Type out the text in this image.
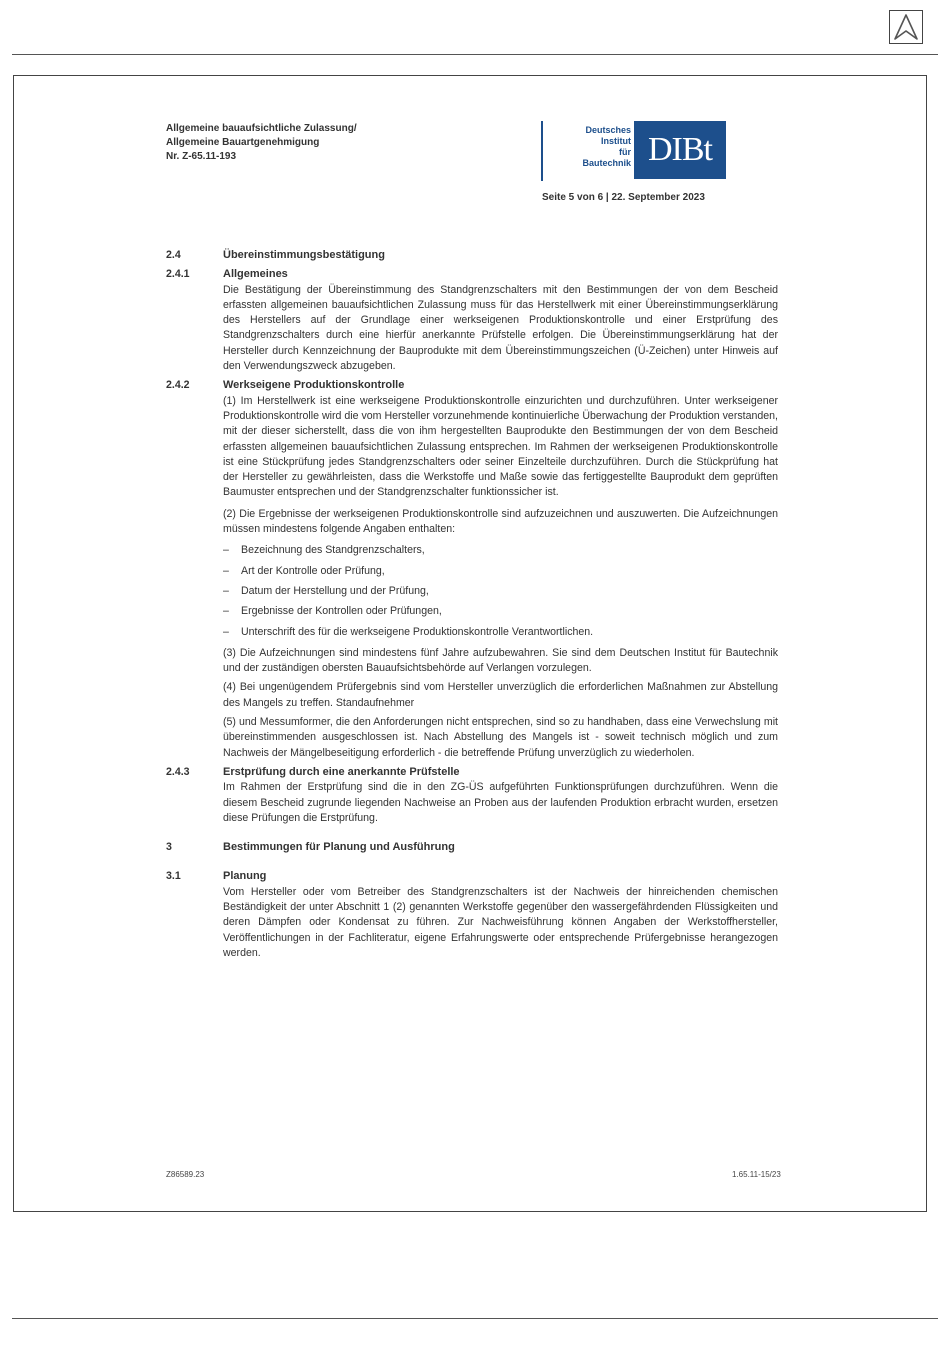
Allgemeine bauaufsichtliche Zulassung/
Allgemeine Bauartgenehmigung
Nr. Z-65.11-193
Deutsches
Institut
für
Bautechnik DIBt
Seite 5 von 6 | 22. September 2023
2.4	Übereinstimmungsbestätigung
2.4.1	Allgemeines
Die Bestätigung der Übereinstimmung des Standgrenzschalters mit den Bestimmungen der von dem Bescheid erfassten allgemeinen bauaufsichtlichen Zulassung muss für das Herstellwerk mit einer Übereinstimmungserklärung des Herstellers auf der Grundlage einer werkseigenen Produktionskontrolle und einer Erstprüfung des Standgrenzschalters durch eine hierfür anerkannte Prüfstelle erfolgen. Die Übereinstimmungserklärung hat der Hersteller durch Kennzeichnung der Bauprodukte mit dem Übereinstimmungszeichen (Ü-Zeichen) unter Hinweis auf den Verwendungszweck abzugeben.
2.4.2	Werkseigene Produktionskontrolle
(1) Im Herstellwerk ist eine werkseigene Produktionskontrolle einzurichten und durchzuführen. Unter werkseigener Produktionskontrolle wird die vom Hersteller vorzunehmende kontinuierliche Überwachung der Produktion verstanden, mit der dieser sicherstellt, dass die von ihm hergestellten Bauprodukte den Bestimmungen der von dem Bescheid erfassten allgemeinen bauaufsichtlichen Zulassung entsprechen. Im Rahmen der werkseigenen Produktionskontrolle ist eine Stückprüfung jedes Standgrenzschalters oder seiner Einzelteile durchzuführen. Durch die Stückprüfung hat der Hersteller zu gewährleisten, dass die Werkstoffe und Maße sowie das fertiggestellte Bauprodukt dem geprüften Baumuster entsprechen und der Standgrenzschalter funktionssicher ist.
(2) Die Ergebnisse der werkseigenen Produktionskontrolle sind aufzuzeichnen und auszuwerten. Die Aufzeichnungen müssen mindestens folgende Angaben enthalten:
–	Bezeichnung des Standgrenzschalters,
–	Art der Kontrolle oder Prüfung,
–	Datum der Herstellung und der Prüfung,
–	Ergebnisse der Kontrollen oder Prüfungen,
–	Unterschrift des für die werkseigene Produktionskontrolle Verantwortlichen.
(3) Die Aufzeichnungen sind mindestens fünf Jahre aufzubewahren. Sie sind dem Deutschen Institut für Bautechnik und der zuständigen obersten Bauaufsichtsbehörde auf Verlangen vorzulegen.
(4) Bei ungenügendem Prüfergebnis sind vom Hersteller unverzüglich die erforderlichen Maßnahmen zur Abstellung des Mangels zu treffen. Standaufnehmer
(5) und Messumformer, die den Anforderungen nicht entsprechen, sind so zu handhaben, dass eine Verwechslung mit übereinstimmenden ausgeschlossen ist. Nach Abstellung des Mangels ist - soweit technisch möglich und zum Nachweis der Mängelbeseitigung erforderlich - die betreffende Prüfung unverzüglich zu wiederholen.
2.4.3	Erstprüfung durch eine anerkannte Prüfstelle
Im Rahmen der Erstprüfung sind die in den ZG-ÜS aufgeführten Funktionsprüfungen durchzuführen. Wenn die diesem Bescheid zugrunde liegenden Nachweise an Proben aus der laufenden Produktion erbracht wurden, ersetzen diese Prüfungen die Erstprüfung.
3	Bestimmungen für Planung und Ausführung
3.1	Planung
Vom Hersteller oder vom Betreiber des Standgrenzschalters ist der Nachweis der hinreichenden chemischen Beständigkeit der unter Abschnitt 1 (2) genannten Werkstoffe gegenüber den wassergefährdenden Flüssigkeiten und deren Dämpfen oder Kondensat zu führen. Zur Nachweisführung können Angaben der Werkstoffhersteller, Veröffentlichungen in der Fachliteratur, eigene Erfahrungswerte oder entsprechende Prüfergebnisse herangezogen werden.
Z86589.23	1.65.11-15/23
